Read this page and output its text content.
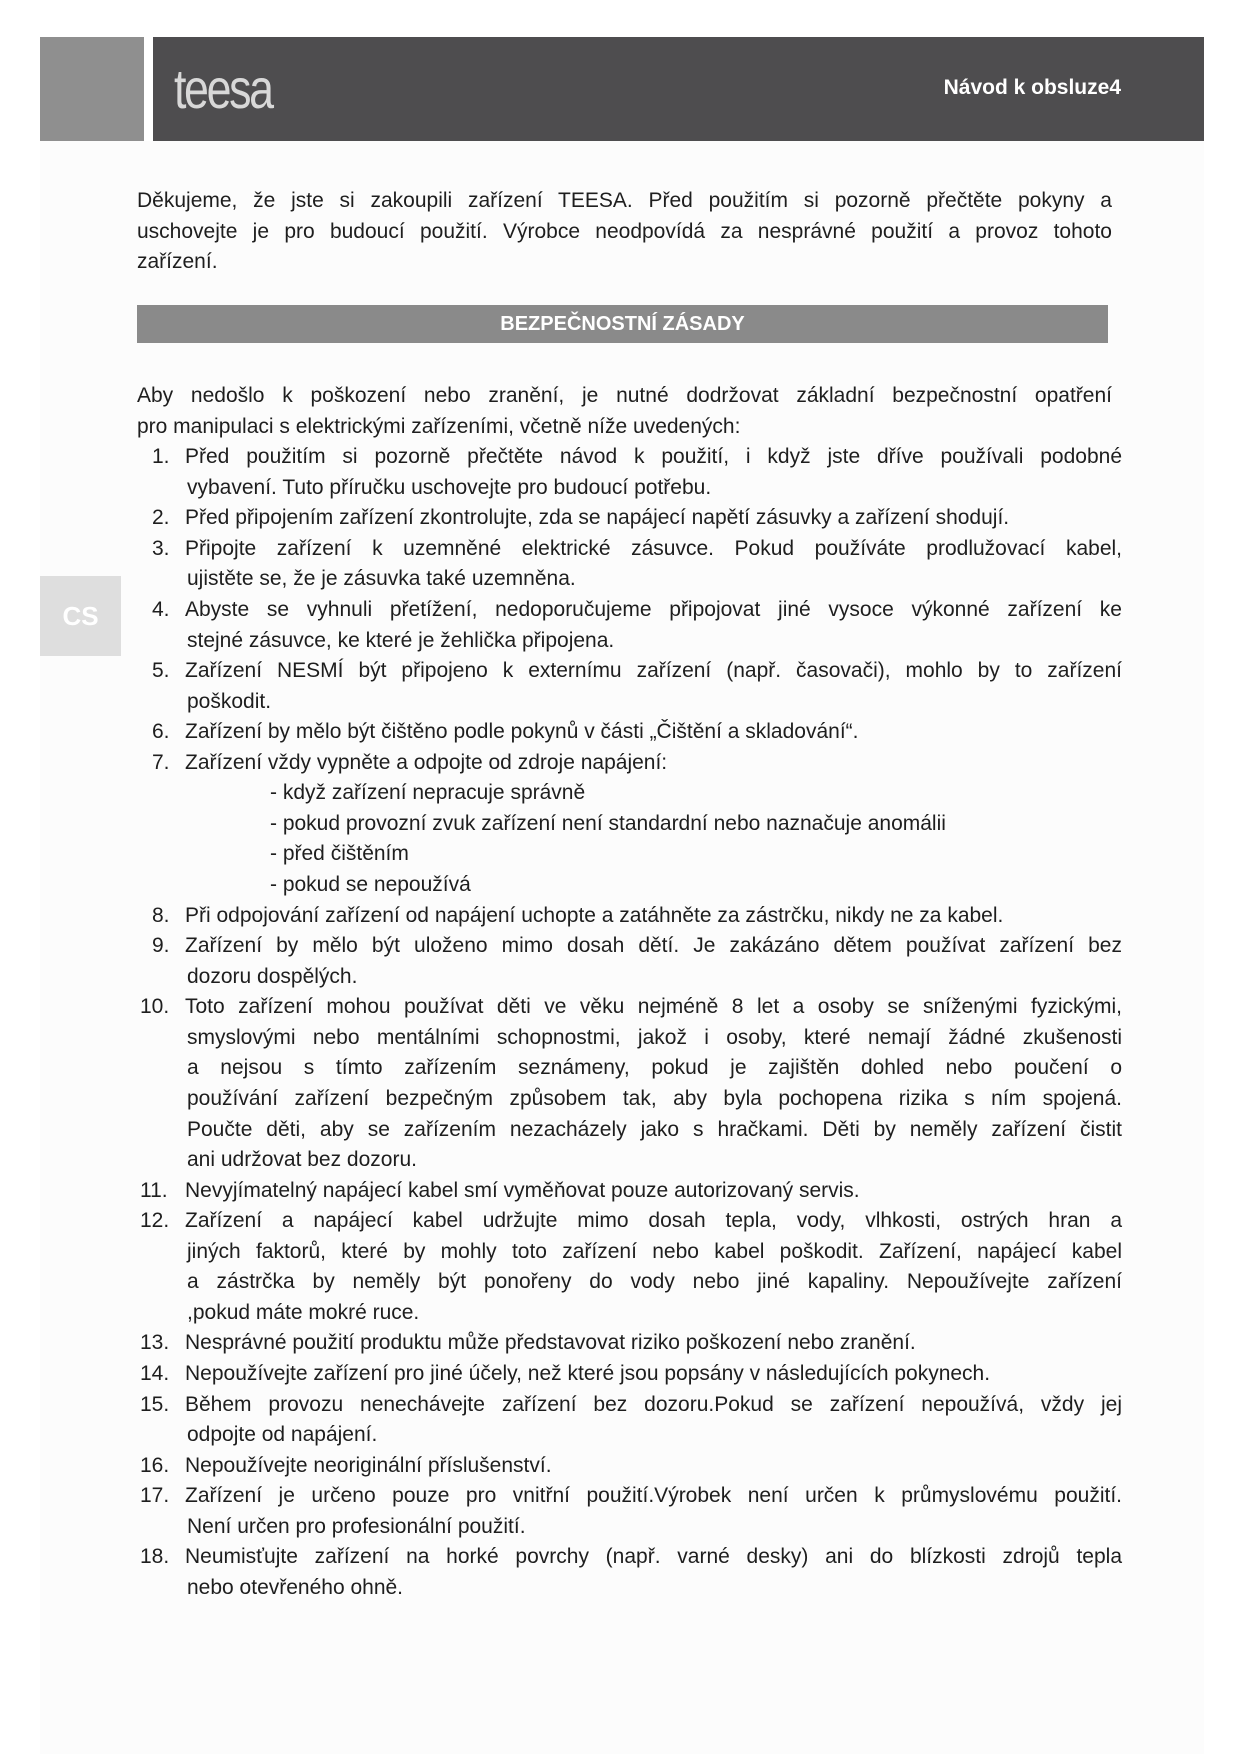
teesa	Návod k obsluze4
CS
Děkujeme, že jste si zakoupili zařízení TEESA. Před použitím si pozorně přečtěte pokyny a
uschovejte je pro budoucí použití. Výrobce neodpovídá za nesprávné použití a provoz tohoto
zařízení.
BEZPEČNOSTNÍ ZÁSADY
Aby nedošlo k poškození nebo zranění, je nutné dodržovat základní bezpečnostní opatření
pro manipulaci s elektrickými zařízeními, včetně níže uvedených:
1. Před použitím si pozorně přečtěte návod k použití, i když jste dříve používali podobné
vybavení. Tuto příručku uschovejte pro budoucí potřebu.
2. Před připojením zařízení zkontrolujte, zda se napájecí napětí zásuvky a zařízení shodují.
3. Připojte zařízení k uzemněné elektrické zásuvce. Pokud používáte prodlužovací kabel,
ujistěte se, že je zásuvka také uzemněna.
4. Abyste se vyhnuli přetížení, nedoporučujeme připojovat jiné vysoce výkonné zařízení ke
stejné zásuvce, ke které je žehlička připojena.
5. Zařízení NESMÍ být připojeno k externímu zařízení (např. časovači), mohlo by to zařízení
poškodit.
6. Zařízení by mělo být čištěno podle pokynů v části „Čištění a skladování“.
7. Zařízení vždy vypněte a odpojte od zdroje napájení:
- když zařízení nepracuje správně
- pokud provozní zvuk zařízení není standardní nebo naznačuje anomálii
- před čištěním
- pokud se nepoužívá
8. Při odpojování zařízení od napájení uchopte a zatáhněte za zástrčku, nikdy ne za kabel.
9. Zařízení by mělo být uloženo mimo dosah dětí. Je zakázáno dětem používat zařízení bez
dozoru dospělých.
10. Toto zařízení mohou používat děti ve věku nejméně 8 let a osoby se sníženými fyzickými,
smyslovými nebo mentálními schopnostmi, jakož i osoby, které nemají žádné zkušenosti
a nejsou s tímto zařízením seznámeny, pokud je zajištěn dohled nebo poučení o
používání zařízení bezpečným způsobem tak, aby byla pochopena rizika s ním spojená.
Poučte děti, aby se zařízením nezacházely jako s hračkami. Děti by neměly zařízení čistit
ani udržovat bez dozoru.
11. Nevyjímatelný napájecí kabel smí vyměňovat pouze autorizovaný servis.
12. Zařízení a napájecí kabel udržujte mimo dosah tepla, vody, vlhkosti, ostrých hran a
jiných faktorů, které by mohly toto zařízení nebo kabel poškodit. Zařízení, napájecí kabel
a zástrčka by neměly být ponořeny do vody nebo jiné kapaliny. Nepoužívejte zařízení
,pokud máte mokré ruce.
13. Nesprávné použití produktu může představovat riziko poškození nebo zranění.
14. Nepoužívejte zařízení pro jiné účely, než které jsou popsány v následujících pokynech.
15. Během provozu nenechávejte zařízení bez dozoru.Pokud se zařízení nepoužívá, vždy jej
odpojte od napájení.
16. Nepoužívejte neoriginální příslušenství.
17. Zařízení je určeno pouze pro vnitřní použití.Výrobek není určen k průmyslovému použití.
Není určen pro profesionální použití.
18. Neumisťujte zařízení na horké povrchy (např. varné desky) ani do blízkosti zdrojů tepla
nebo otevřeného ohně.
